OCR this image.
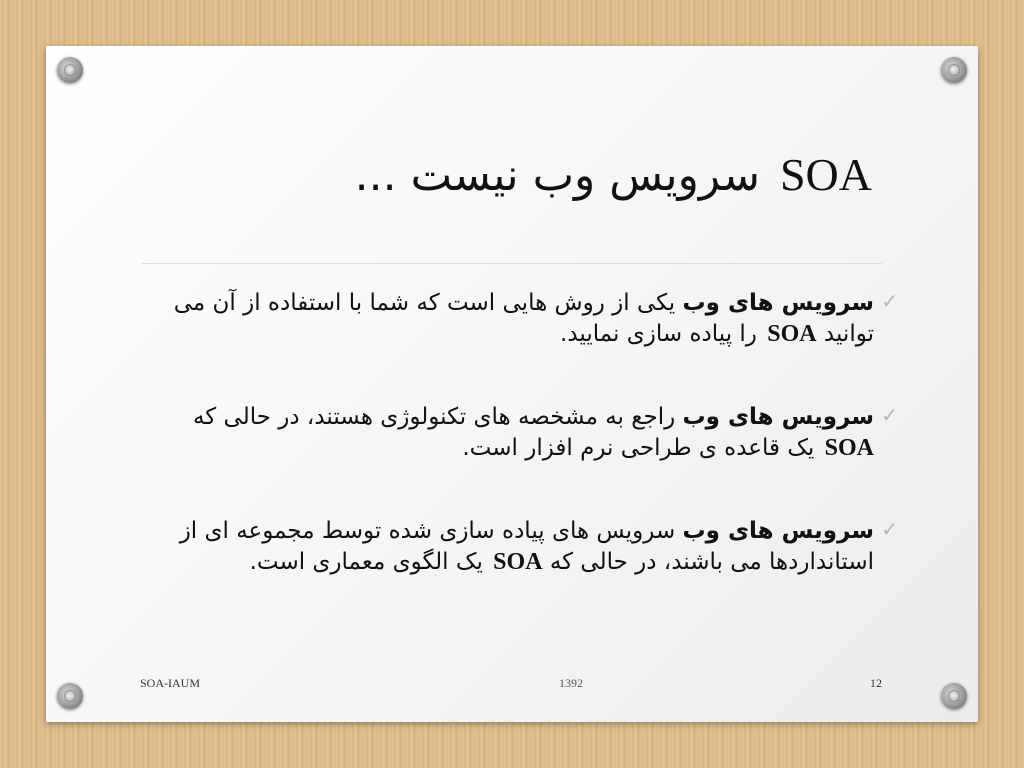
SOA سرویس وب نیست ...

✓
سرویس های وب یکی از روش هایی است که شما با استفاده از آن می توانید SOA را پیاده سازی نمایید.

✓
سرویس های وب راجع به مشخصه های تکنولوژی هستند، در حالی که SOA یک قاعده ی طراحی نرم افزار است.

✓
سرویس های وب سرویس های پیاده سازی شده توسط مجموعه ای از استانداردها می باشند، در حالی که SOA یک الگوی معماری است.

SOA-IAUM	1392	12
